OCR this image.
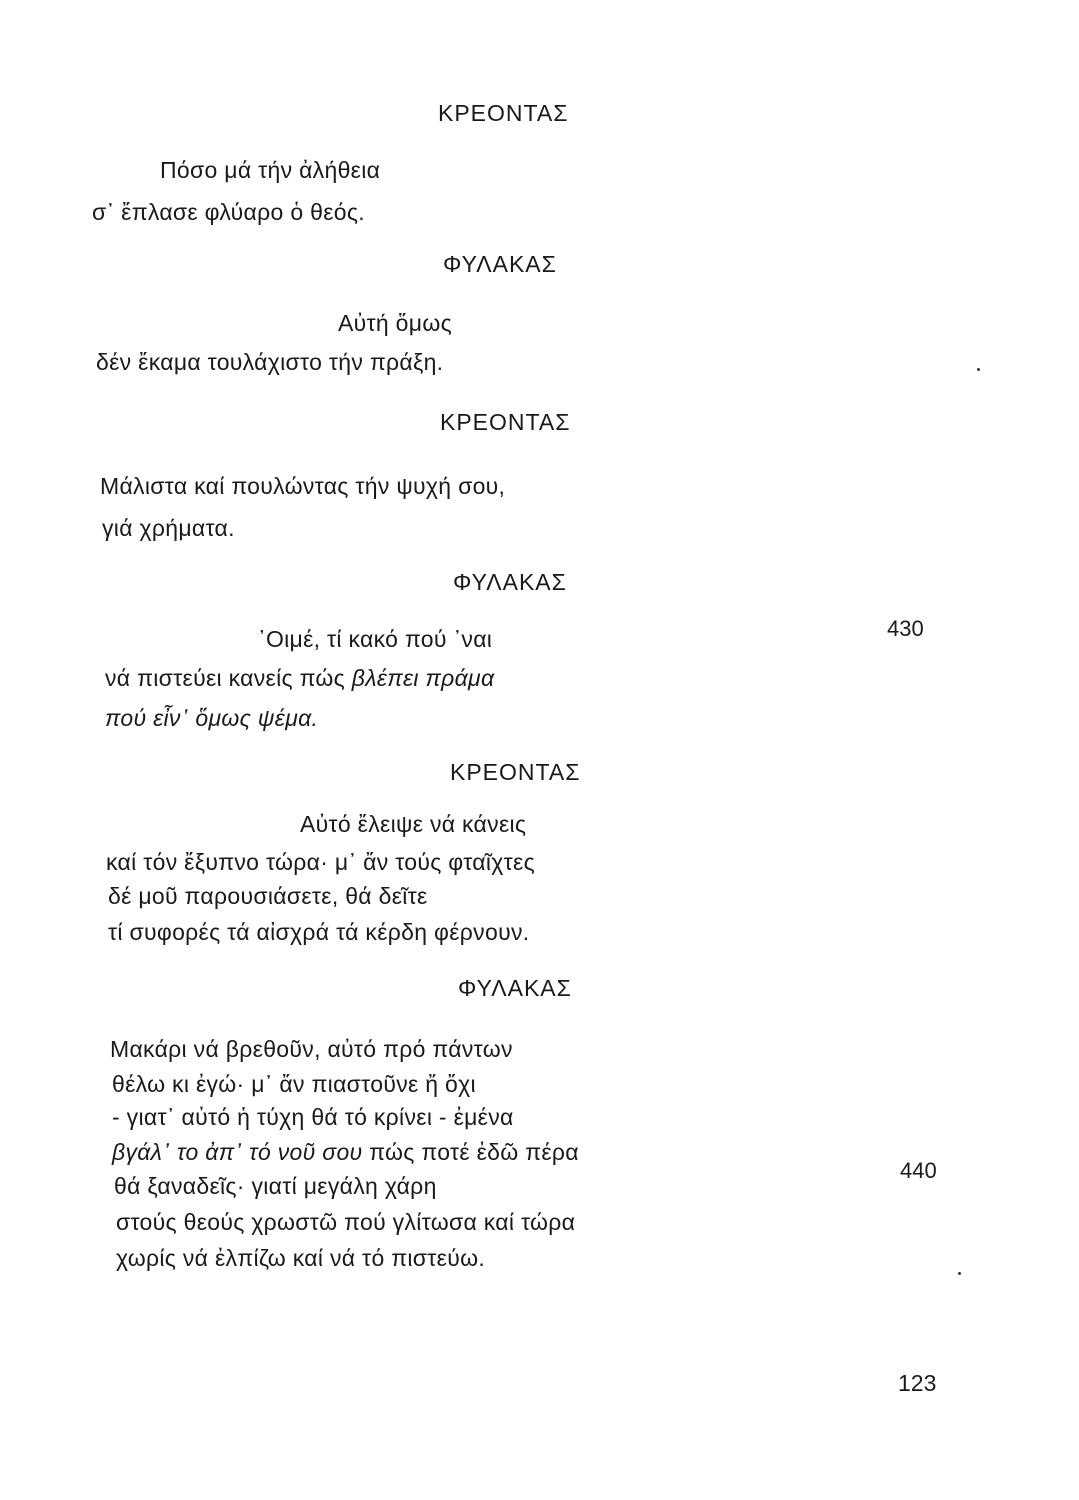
ΚΡΕΟΝΤΑΣ
Πόσο μά τήν ἀλήθεια
σ᾽ ἔπλασε φλύαρο ὁ θεός.
ΦΥΛΑΚΑΣ
Αὐτή ὅμως
δέν ἔκαμα τουλάχιστο τήν πράξη.
ΚΡΕΟΝΤΑΣ
Μάλιστα καί πουλώντας τήν ψυχή σου,
γιά χρήματα.
ΦΥΛΑΚΑΣ
᾽Οιμέ, τί κακό πού ᾽ναι
νά πιστεύει κανείς πώς βλέπει πράμα
πού εἶν᾽ ὅμως ψέμα.
ΚΡΕΟΝΤΑΣ
Αὐτό ἔλειψε νά κάνεις
καί τόν ἔξυπνο τώρα· μ᾽ ἄν τούς φταῖχτες
δέ μοῦ παρουσιάσετε, θά δεῖτε
τί συφορές τά αἰσχρά τά κέρδη φέρνουν.
ΦΥΛΑΚΑΣ
Μακάρι νά βρεθοῦν, αὐτό πρό πάντων
θέλω κι ἐγώ· μ᾽ ἄν πιαστοῦνε ἤ ὄχι
- γιατ᾽ αὐτό ἡ τύχη θά τό κρίνει - ἐμένα
βγάλ᾽ το ἀπ᾽ τό νοῦ σου πώς ποτέ ἐδῶ πέρα
θά ξαναδεῖς· γιατί μεγάλη χάρη
στούς θεούς χρωστῶ πού γλίτωσα καί τώρα
χωρίς νά ἐλπίζω καί νά τό πιστεύω.
430
440
123
